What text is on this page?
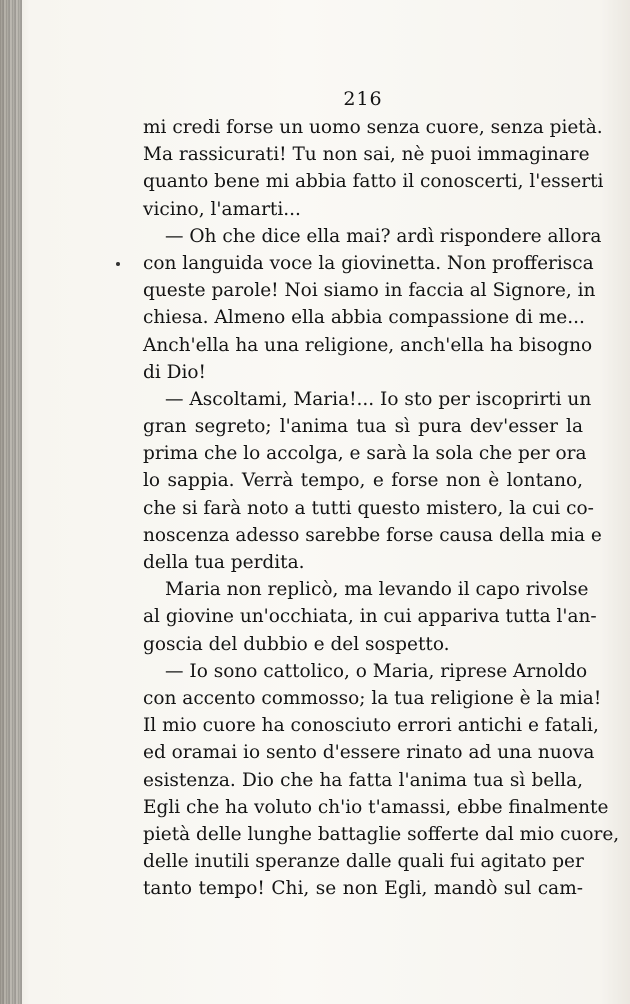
216
mi credi forse un uomo senza cuore, senza pietà.
Ma rassicurati! Tu non sai, nè puoi immaginare
quanto bene mi abbia fatto il conoscerti, l'esserti
vicino, l'amarti...
— Oh che dice ella mai? ardì rispondere allora
con languida voce la giovinetta. Non profferisca
queste parole! Noi siamo in faccia al Signore, in
chiesa. Almeno ella abbia compassione di me...
Anch'ella ha una religione, anch'ella ha bisogno
di Dio!
— Ascoltami, Maria!... Io sto per iscoprirti un
gran segreto; l'anima tua sì pura dev'esser la
prima che lo accolga, e sarà la sola che per ora
lo sappia. Verrà tempo, e forse non è lontano,
che si farà noto a tutti questo mistero, la cui co-
noscenza adesso sarebbe forse causa della mia e
della tua perdita.
Maria non replicò, ma levando il capo rivolse
al giovine un'occhiata, in cui appariva tutta l'an-
goscia del dubbio e del sospetto.
— Io sono cattolico, o Maria, riprese Arnoldo
con accento commosso; la tua religione è la mia!
Il mio cuore ha conosciuto errori antichi e fatali,
ed oramai io sento d'essere rinato ad una nuova
esistenza. Dio che ha fatta l'anima tua sì bella,
Egli che ha voluto ch'io t'amassi, ebbe finalmente
pietà delle lunghe battaglie sofferte dal mio cuore,
delle inutili speranze dalle quali fui agitato per
tanto tempo! Chi, se non Egli, mandò sul cam-
